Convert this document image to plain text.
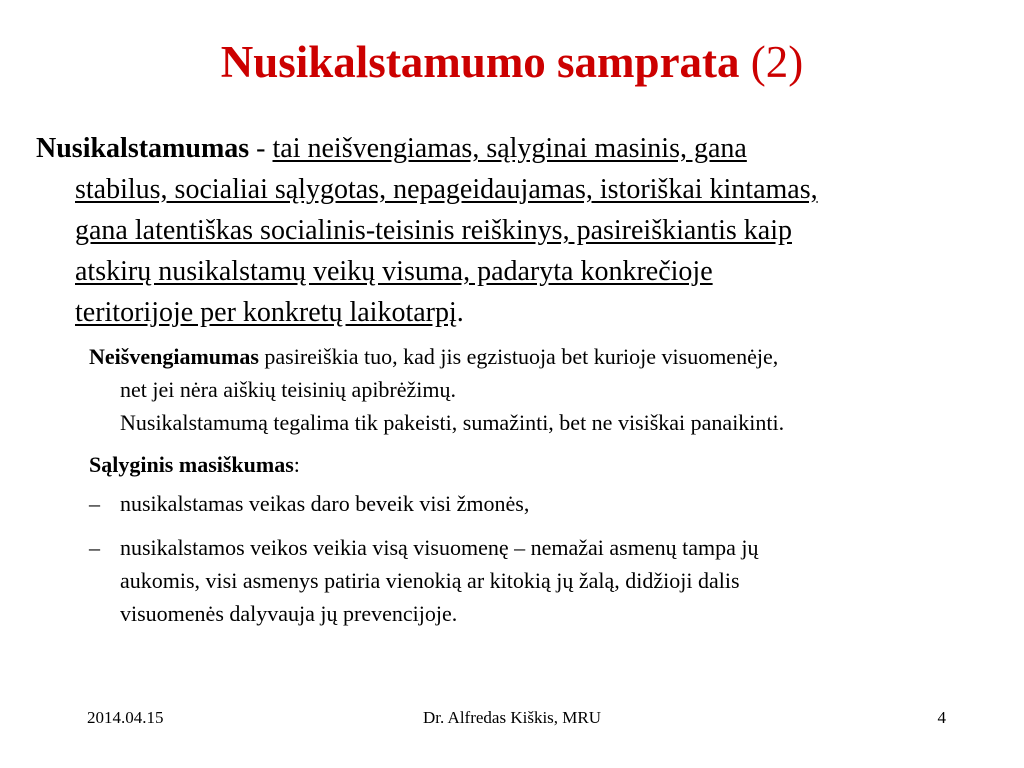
Nusikalstamumo samprata (2)
Nusikalstamumas - tai neišvengiamas, sąlyginai masinis, gana
stabilus, socialiai sąlygotas, nepageidaujamas, istoriškai kintamas,
gana latentiškas socialinis-teisinis reiškinys, pasireiškiantis kaip
atskirų nusikalstamų veikų visuma, padaryta konkrečioje
teritorijoje per konkretų laikotarpį.
Neišvengiamumas pasireiškia tuo, kad jis egzistuoja bet kurioje visuomenėje,
net jei nėra aiškių teisinių apibrėžimų.
Nusikalstamumą tegalima tik pakeisti, sumažinti, bet ne visiškai panaikinti.
Sąlyginis masiškumas:
– nusikalstamas veikas daro beveik visi žmonės,
– nusikalstamos veikos veikia visą visuomenę – nemažai asmenų tampa jų
aukomis, visi asmenys patiria vienokią ar kitokią jų žalą, didžioji dalis
visuomenės dalyvauja jų prevencijoje.
2014.04.15	Dr. Alfredas Kiškis, MRU	4
